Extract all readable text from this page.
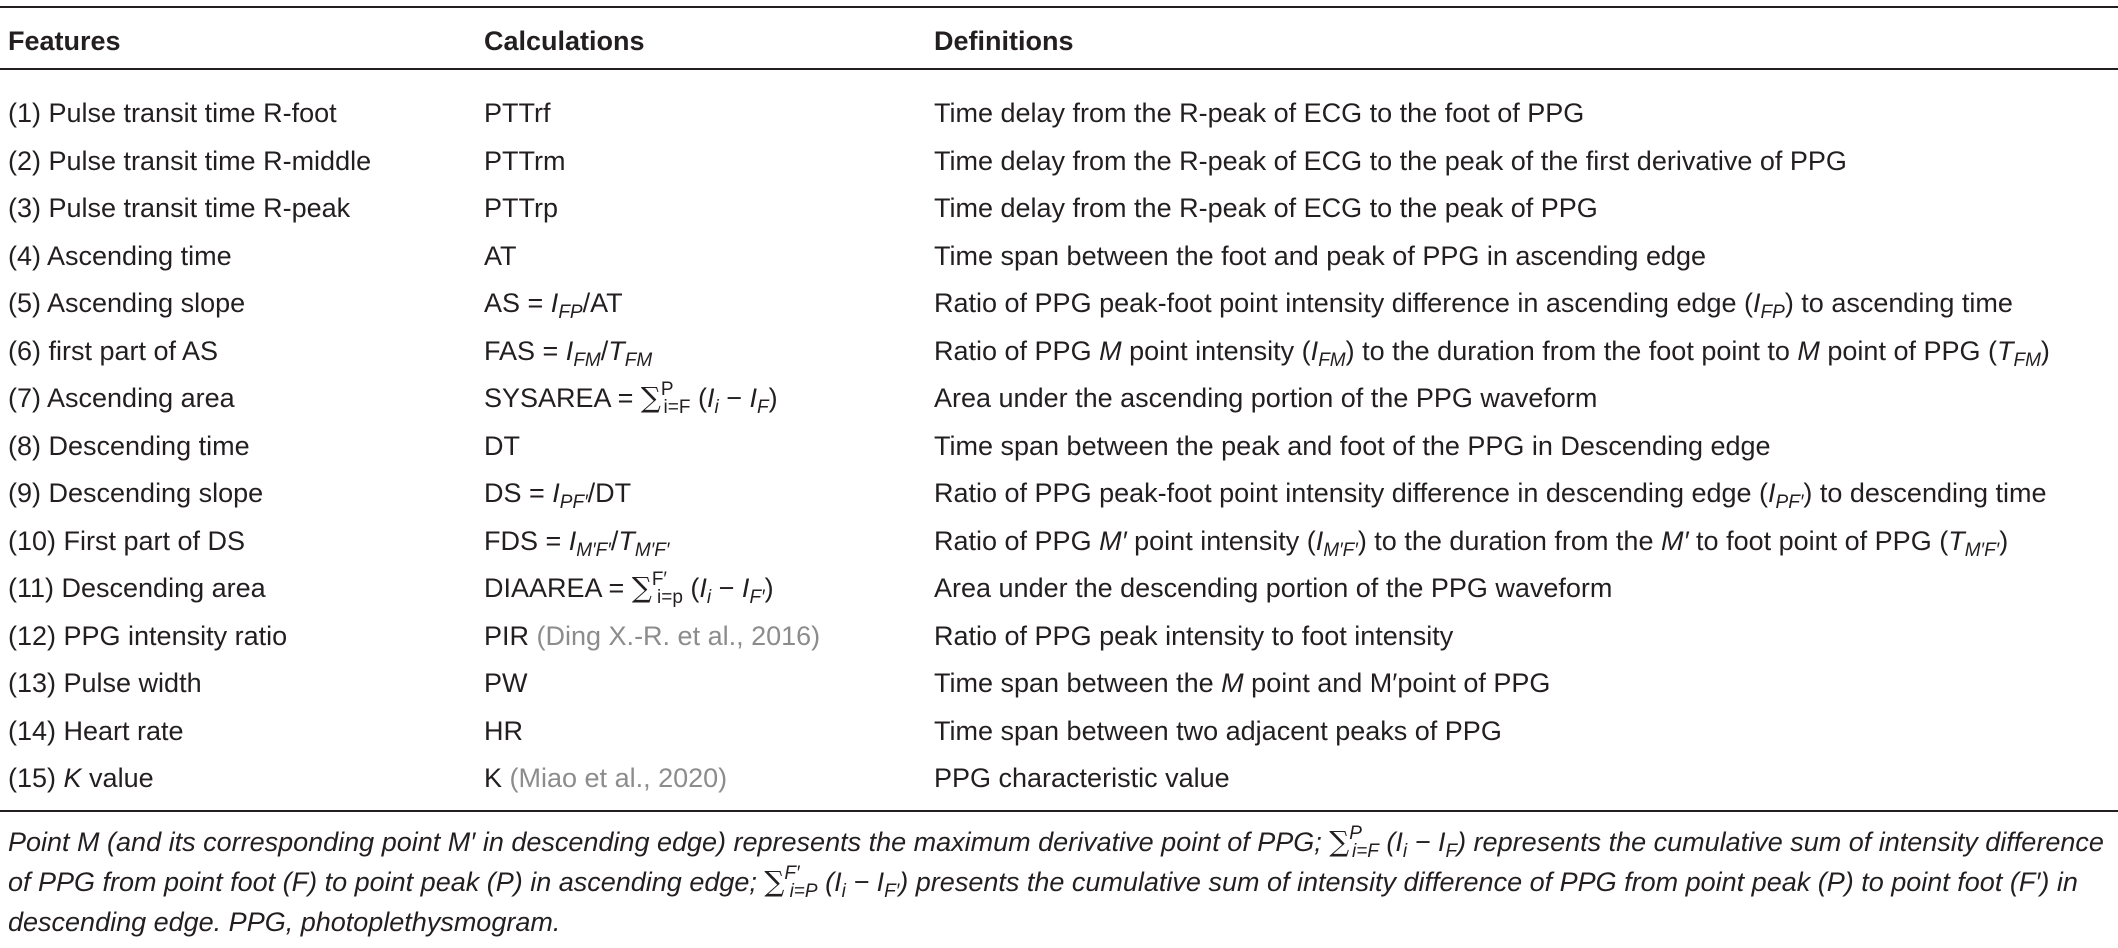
Features	Calculations	Definitions
(1) Pulse transit time R-foot	PTTrf	Time delay from the R-peak of ECG to the foot of PPG
(2) Pulse transit time R-middle	PTTrm	Time delay from the R-peak of ECG to the peak of the first derivative of PPG
(3) Pulse transit time R-peak	PTTrp	Time delay from the R-peak of ECG to the peak of PPG
(4) Ascending time	AT	Time span between the foot and peak of PPG in ascending edge
(5) Ascending slope	AS = $I_{FP}/AT$	Ratio of PPG peak-foot point intensity difference in ascending edge $(I_{FP})$ to ascending time
(6) first part of AS	FAS = $I_{FM}/T_{FM}$	Ratio of PPG M point intensity $(I_{FM})$ to the duration from the foot point to M point of PPG $(T_{FM})$
(7) Ascending area	SYSAREA = ∑$^P_{i=F}$ $(I_i - I_F)$	Area under the ascending portion of the PPG waveform
(8) Descending time	DT	Time span between the peak and foot of the PPG in Descending edge
(9) Descending slope	DS = $I_{PF'}/DT$	Ratio of PPG peak-foot point intensity difference in descending edge $(I_{PF'})$ to descending time
(10) First part of DS	FDS = $I_{M'F'}/T_{M'F'}$	Ratio of PPG M′ point intensity $(I_{M'F'})$ to the duration from the M′ to foot point of PPG $(T_{M'F'})$
(11) Descending area	DIAAREA = ∑$^{F'}_{i=p}$ $(I_i - I_{F'})$	Area under the descending portion of the PPG waveform
(12) PPG intensity ratio	PIR (Ding X.-R. et al., 2016)	Ratio of PPG peak intensity to foot intensity
(13) Pulse width	PW	Time span between the M point and M′point of PPG
(14) Heart rate	HR	Time span between two adjacent peaks of PPG
(15) K value	K (Miao et al., 2020)	PPG characteristic value
Point M (and its corresponding point M′ in descending edge) represents the maximum derivative point of PPG; ∑$^P_{i=F}$ $(I_i - I_F)$ represents the cumulative sum of intensity difference of PPG from point foot (F) to point peak (P) in ascending edge; ∑$^{F'}_{i=P}$ $(I_i - I_{F'})$ presents the cumulative sum of intensity difference of PPG from point peak (P) to point foot (F′) in descending edge. PPG, photoplethysmogram.
